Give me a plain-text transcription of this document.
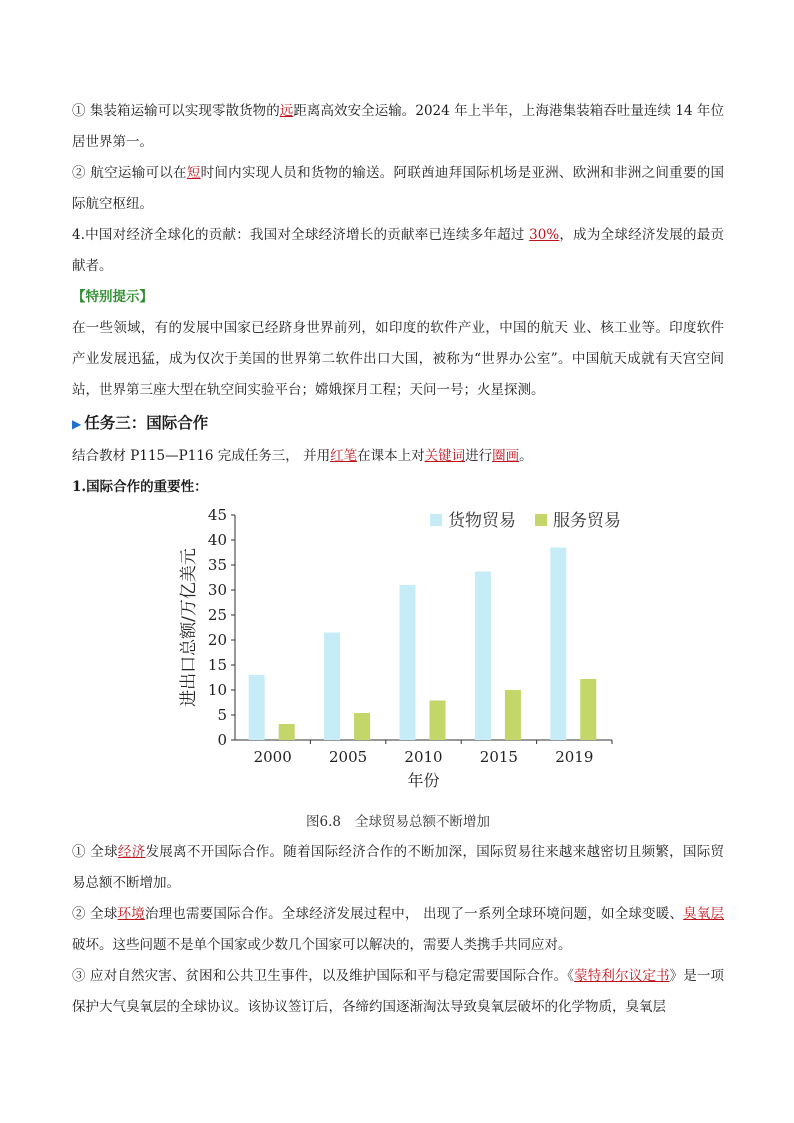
① 集装箱运输可以实现零散货物的远距离高效安全运输。2024 年上半年，上海港集装箱吞吐量连续 14 年位居世界第一。

② 航空运输可以在短时间内实现人员和货物的输送。阿联酋迪拜国际机场是亚洲、欧洲和非洲之间重要的国际航空枢纽。

4.中国对经济全球化的贡献：我国对全球经济增长的贡献率已连续多年超过 30%，成为全球经济发展的最贡献者。

【特别提示】

在一些领域，有的发展中国家已经跻身世界前列，如印度的软件产业，中国的航天 业、核工业等。印度软件产业发展迅猛，成为仅次于美国的世界第二软件出口大国，被称为“世界办公室”。中国航天成就有天宫空间站，世界第三座大型在轨空间实验平台；嫦娥探月工程；天问一号；火星探测。

▶ 任务三：国际合作

结合教材 P115—P116 完成任务三， 并用红笔在课本上对关键词进行圈画。

1.国际合作的重要性：

0
5
10
15
20
25
30
35
40
45
2000 2005 2010 2015 2019
年份
进出口总额/万亿美元
货物贸易 服务贸易
图6.8 全球贸易总额不断增加

① 全球经济发展离不开国际合作。随着国际经济合作的不断加深，国际贸易往来越来越密切且频繁，国际贸易总额不断增加。

② 全球环境治理也需要国际合作。全球经济发展过程中， 出现了一系列全球环境问题，如全球变暖、臭氧层破坏。这些问题不是单个国家或少数几个国家可以解决的，需要人类携手共同应对。

③ 应对自然灾害、贫困和公共卫生事件，以及维护国际和平与稳定需要国际合作。《蒙特利尔议定书》是一项保护大气臭氧层的全球协议。该协议签订后，各缔约国逐渐淘汰导致臭氧层破坏的化学物质，臭氧层
